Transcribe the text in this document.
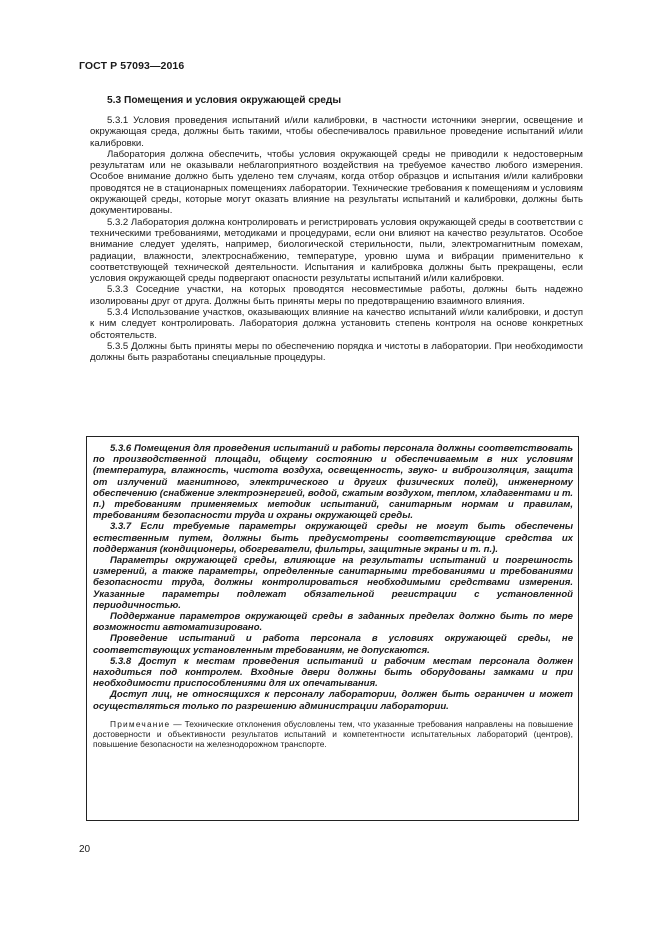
ГОСТ Р 57093—2016
5.3 Помещения и условия окружающей среды

5.3.1 Условия проведения испытаний и/или калибровки, в частности источники энергии, освещение и окружающая среда, должны быть такими, чтобы обеспечивалось правильное проведение испытаний и/или калибровки.

Лаборатория должна обеспечить, чтобы условия окружающей среды не приводили к недостоверным результатам или не оказывали неблагоприятного воздействия на требуемое качество любого измерения. Особое внимание должно быть уделено тем случаям, когда отбор образцов и испытания и/или калибровки проводятся не в стационарных помещениях лаборатории. Технические требования к помещениям и условиям окружающей среды, которые могут оказать влияние на результаты испытаний и калибровки, должны быть документированы.

5.3.2 Лаборатория должна контролировать и регистрировать условия окружающей среды в соответствии с техническими требованиями, методиками и процедурами, если они влияют на качество результатов. Особое внимание следует уделять, например, биологической стерильности, пыли, электромагнитным помехам, радиации, влажности, электроснабжению, температуре, уровню шума и вибрации применительно к соответствующей технической деятельности. Испытания и калибровка должны быть прекращены, если условия окружающей среды подвергают опасности результаты испытаний и/или калибровки.

5.3.3 Соседние участки, на которых проводятся несовместимые работы, должны быть надежно изолированы друг от друга. Должны быть приняты меры по предотвращению взаимного влияния.

5.3.4 Использование участков, оказывающих влияние на качество испытаний и/или калибровки, и доступ к ним следует контролировать. Лаборатория должна установить степень контроля на основе конкретных обстоятельств.

5.3.5 Должны быть приняты меры по обеспечению порядка и чистоты в лаборатории. При необходимости должны быть разработаны специальные процедуры.

5.3.6 Помещения для проведения испытаний и работы персонала должны соответствовать по производственной площади, общему состоянию и обеспечиваемым в них условиям (температура, влажность, чистота воздуха, освещенность, звуко- и виброизоляция, защита от излучений магнитного, электрического и других физических полей), инженерному обеспечению (снабжение электроэнергией, водой, сжатым воздухом, теплом, хладагентами и т. п.) требованиям применяемых методик испытаний, санитарным нормам и правилам, требованиям безопасности труда и охраны окружающей среды.

3.3.7 Если требуемые параметры окружающей среды не могут быть обеспечены естественным путем, должны быть предусмотрены соответствующие средства их поддержания (кондиционеры, обогреватели, фильтры, защитные экраны и т. п.).

Параметры окружающей среды, влияющие на результаты испытаний и погрешность измерений, а также параметры, определенные санитарными требованиями и требованиями безопасности труда, должны контролироваться необходимыми средствами измерения. Указанные параметры подлежат обязательной регистрации с установленной периодичностью.

Поддержание параметров окружающей среды в заданных пределах должно быть по мере возможности автоматизировано.

Проведение испытаний и работа персонала в условиях окружающей среды, не соответствующих установленным требованиям, не допускаются.

5.3.8 Доступ к местам проведения испытаний и рабочим местам персонала должен находиться под контролем. Входные двери должны быть оборудованы замками и при необходимости приспособлениями для их опечатывания.

Доступ лиц, не относящихся к персоналу лаборатории, должен быть ограничен и может осуществляться только по разрешению администрации лаборатории.

Примечание — Технические отклонения обусловлены тем, что указанные требования направлены на повышение достоверности и объективности результатов испытаний и компетентности испытательных лабораторий (центров), повышение безопасности на железнодорожном транспорте.
20
